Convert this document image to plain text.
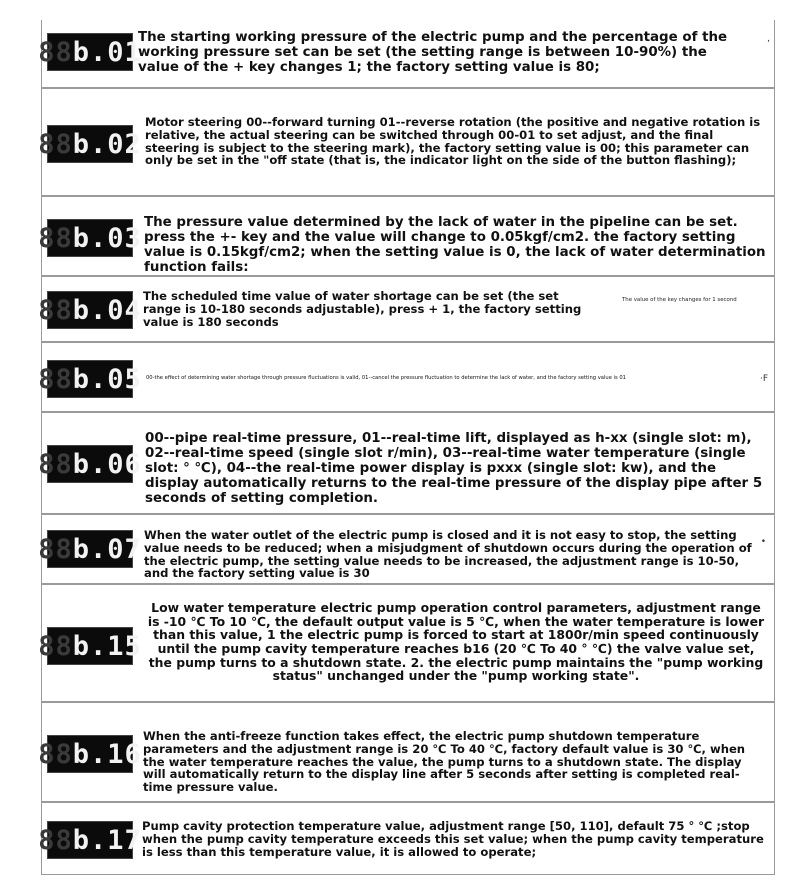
88 b.01
The starting working pressure of the electric pump and the percentage of the working pressure set can be set (the setting range is between 10-90%) the value of the + key changes 1; the factory setting value is 80;
,
88 b.02
Motor steering 00--forward turning 01--reverse rotation (the positive and negative rotation is relative, the actual steering can be switched through 00-01 to set adjust, and the final steering is subject to the steering mark), the factory setting value is 00; this parameter can only be set in the "off state (that is, the indicator light on the side of the button flashing);
88 b.03 The pressure value determined by the lack of water in the pipeline can be set. press the +- key and the value will change to 0.05kgf/cm2. the factory setting value is 0.15kgf/cm2; when the setting value is 0, the lack of water determination function fails:
88 b.04 The scheduled time value of water shortage can be set (the set range is 10-180 seconds adjustable), press + 1, the factory setting value is 180 seconds
The value of the key changes for 1 second
88 b.05 00-the effect of determining water shortage through pressure fluctuations is valid, 01--cancel the pressure fluctuation to determine the lack of water, and the factory setting value is 01	·F
88 b.06
00--pipe real-time pressure, 01--real-time lift, displayed as h-xx (single slot: m), 02--real-time speed (single slot r/min), 03--real-time water temperature (single slot: ° ℃), 04--the real-time power display is pxxx (single slot: kw), and the display automatically returns to the real-time pressure of the display pipe after 5 seconds of setting completion.
88 b.07 When the water outlet of the electric pump is closed and it is not easy to stop, the setting value needs to be reduced; when a misjudgment of shutdown occurs during the operation of the electric pump, the setting value needs to be increased, the adjustment range is 10-50, and the factory setting value is 30
•
88 b.15
Low water temperature electric pump operation control parameters, adjustment range is -10 ℃ To 10 ℃, the default output value is 5 ℃, when the water temperature is lower than this value, 1 the electric pump is forced to start at 1800r/min speed continuously until the pump cavity temperature reaches b16 (20 ℃ To 40 ° ℃) the valve value set, the pump turns to a shutdown state. 2. the electric pump maintains the "pump working status" unchanged under the "pump working state".
88 b.16
When the anti-freeze function takes effect, the electric pump shutdown temperature parameters and the adjustment range is 20 ℃ To 40 ℃, factory default value is 30 ℃, when the water temperature reaches the value, the pump turns to a shutdown state. The display will automatically return to the display line after 5 seconds after setting is completed real-time pressure value.
88 b.17 Pump cavity protection temperature value, adjustment range [50, 110], default 75 ° ℃ ;stop when the pump cavity temperature exceeds this set value; when the pump cavity temperature is less than this temperature value, it is allowed to operate;
